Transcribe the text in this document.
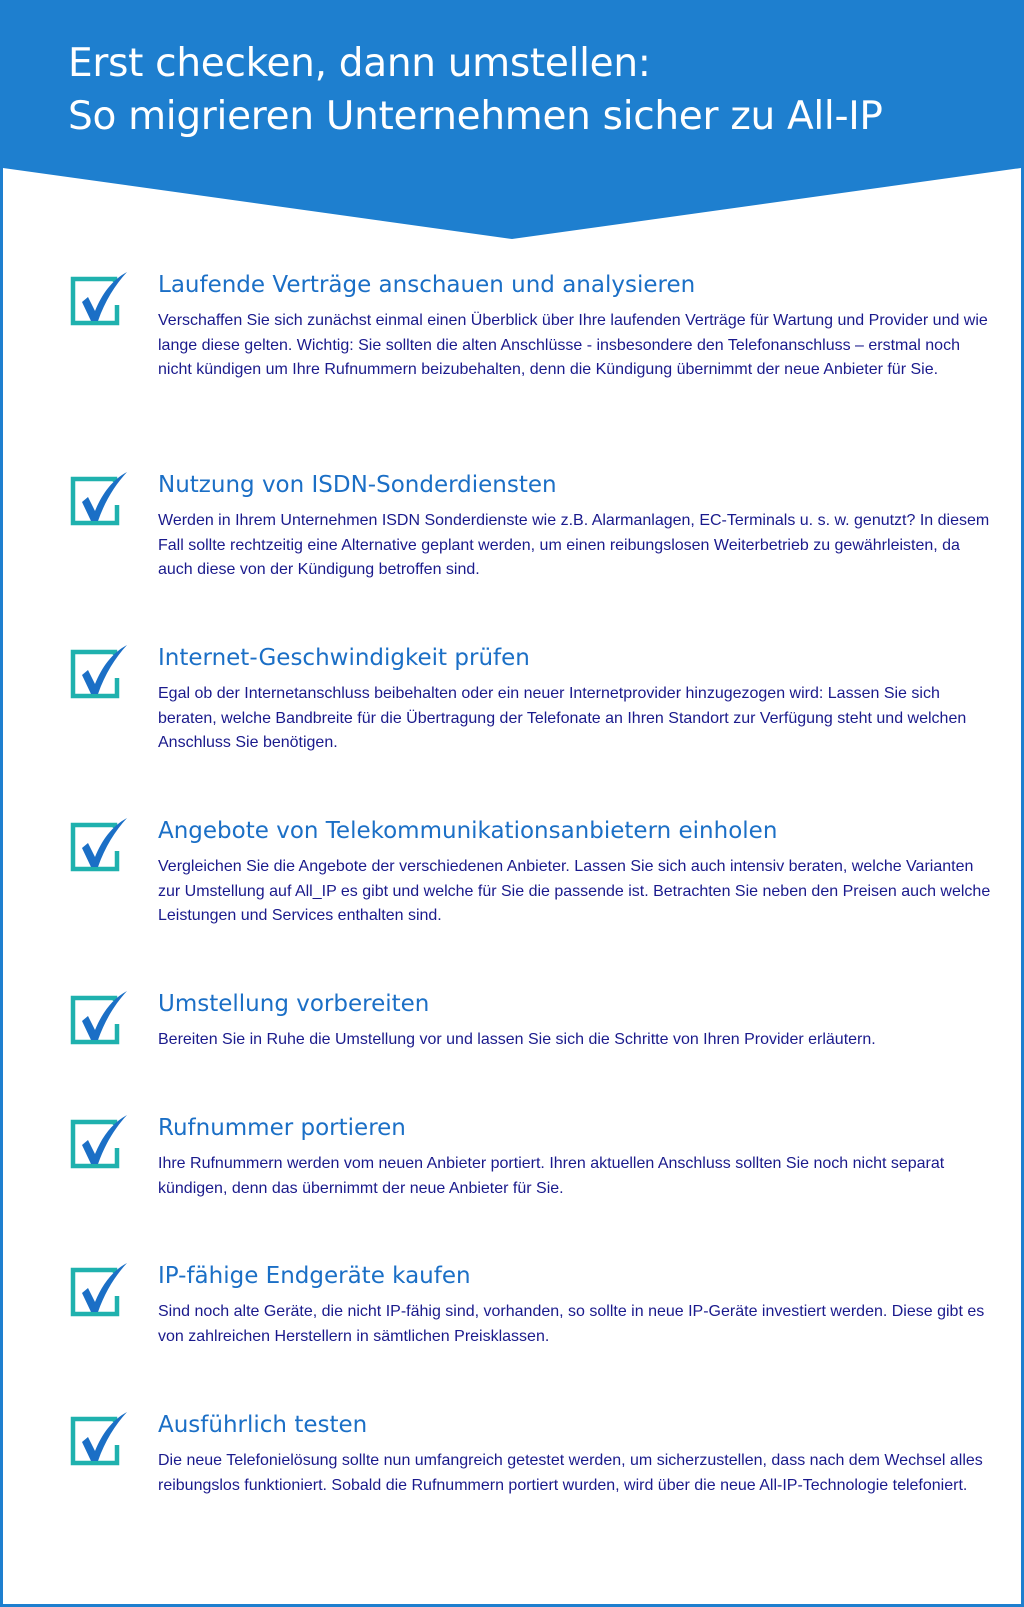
Erst checken, dann umstellen:
So migrieren Unternehmen sicher zu All-IP
Laufende Verträge anschauen und analysieren

Verschaffen Sie sich zunächst einmal einen Überblick über Ihre laufenden Verträge für Wartung und Provider und wie lange diese gelten. Wichtig: Sie sollten die alten Anschlüsse - insbesondere den Telefonanschluss – erstmal noch nicht kündigen um Ihre Rufnummern beizubehalten, denn die Kündigung übernimmt der neue Anbieter für Sie.

Nutzung von ISDN-Sonderdiensten

Werden in Ihrem Unternehmen ISDN Sonderdienste wie z.B. Alarmanlagen, EC-Terminals u. s. w. genutzt? In diesem Fall sollte rechtzeitig eine Alternative geplant werden, um einen reibungslosen Weiterbetrieb zu gewährleisten, da auch diese von der Kündigung betroffen sind.

Internet-Geschwindigkeit prüfen

Egal ob der Internetanschluss beibehalten oder ein neuer Internetprovider hinzugezogen wird: Lassen Sie sich beraten, welche Bandbreite für die Übertragung der Telefonate an Ihren Standort zur Verfügung steht und welchen Anschluss Sie benötigen.

Angebote von Telekommunikationsanbietern einholen

Vergleichen Sie die Angebote der verschiedenen Anbieter. Lassen Sie sich auch intensiv beraten, welche Varianten zur Umstellung auf All_IP es gibt und welche für Sie die passende ist. Betrachten Sie neben den Preisen auch welche Leistungen und Services enthalten sind.

Umstellung vorbereiten

Bereiten Sie in Ruhe die Umstellung vor und lassen Sie sich die Schritte von Ihren Provider erläutern.

Rufnummer portieren

Ihre Rufnummern werden vom neuen Anbieter portiert. Ihren aktuellen Anschluss sollten Sie noch nicht separat kündigen, denn das übernimmt der neue Anbieter für Sie.

IP-fähige Endgeräte kaufen

Sind noch alte Geräte, die nicht IP-fähig sind, vorhanden, so sollte in neue IP-Geräte investiert werden. Diese gibt es von zahlreichen Herstellern in sämtlichen Preisklassen.

Ausführlich testen

Die neue Telefonielösung sollte nun umfangreich getestet werden, um sicherzustellen, dass nach dem Wechsel alles reibungslos funktioniert. Sobald die Rufnummern portiert wurden, wird über die neue All-IP-Technologie telefoniert.
